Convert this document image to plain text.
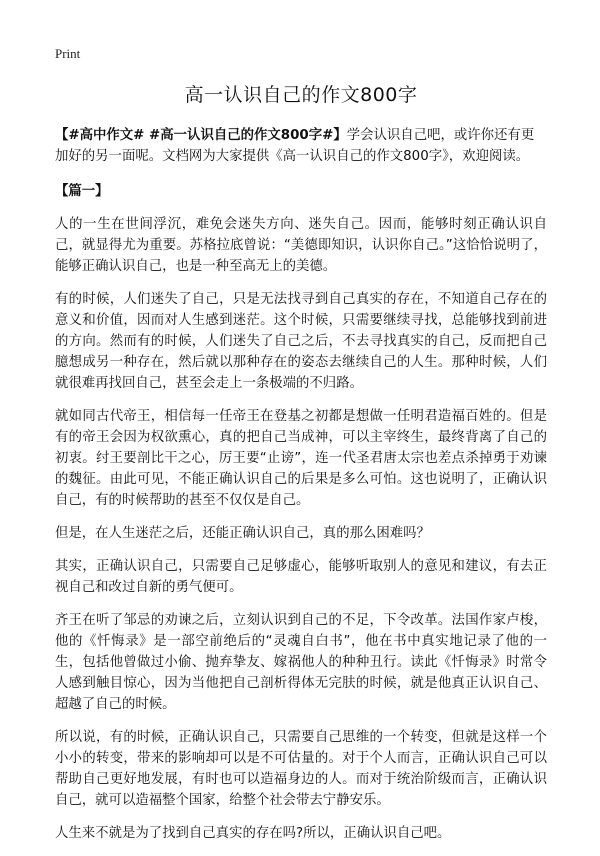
Print
高一认识自己的作文800字

【#高中作文# #高一认识自己的作文800字#】学会认识自己吧，或许你还有更加好的另一面呢。文档网为大家提供《高一认识自己的作文800字》，欢迎阅读。

【篇一】

人的一生在世间浮沉，难免会迷失方向、迷失自己。因而，能够时刻正确认识自己，就显得尤为重要。苏格拉底曾说：“美德即知识，认识你自己。”这恰恰说明了，能够正确认识自己，也是一种至高无上的美德。

有的时候，人们迷失了自己，只是无法找寻到自己真实的存在，不知道自己存在的意义和价值，因而对人生感到迷茫。这个时候，只需要继续寻找，总能够找到前进的方向。然而有的时候，人们迷失了自己之后，不去寻找真实的自己，反而把自己臆想成另一种存在，然后就以那种存在的姿态去继续自己的人生。那种时候，人们就很难再找回自己，甚至会走上一条极端的不归路。

就如同古代帝王，相信每一任帝王在登基之初都是想做一任明君造福百姓的。但是有的帝王会因为权欲熏心，真的把自己当成神，可以主宰终生，最终背离了自己的初衷。纣王要剖比干之心，厉王要“止谤”，连一代圣君唐太宗也差点杀掉勇于劝谏的魏征。由此可见，不能正确认识自己的后果是多么可怕。这也说明了，正确认识自己，有的时候帮助的甚至不仅仅是自己。

但是，在人生迷茫之后，还能正确认识自己，真的那么困难吗？

其实，正确认识自己，只需要自己足够虚心，能够听取别人的意见和建议，有去正视自己和改过自新的勇气便可。

齐王在听了邹忌的劝谏之后，立刻认识到自己的不足，下令改革。法国作家卢梭，他的《忏悔录》是一部空前绝后的“灵魂自白书”，他在书中真实地记录了他的一生，包括他曾做过小偷、抛弃挚友、嫁祸他人的种种丑行。读此《忏悔录》时常令人感到触目惊心，因为当他把自己剖析得体无完肤的时候，就是他真正认识自己、超越了自己的时候。

所以说，有的时候，正确认识自己，只需要自己思维的一个转变，但就是这样一个小小的转变，带来的影响却可以是不可估量的。对于个人而言，正确认识自己可以帮助自己更好地发展，有时也可以造福身边的人。而对于统治阶级而言，正确认识自己，就可以造福整个国家，给整个社会带去宁静安乐。

人生来不就是为了找到自己真实的存在吗?所以，正确认识自己吧。
